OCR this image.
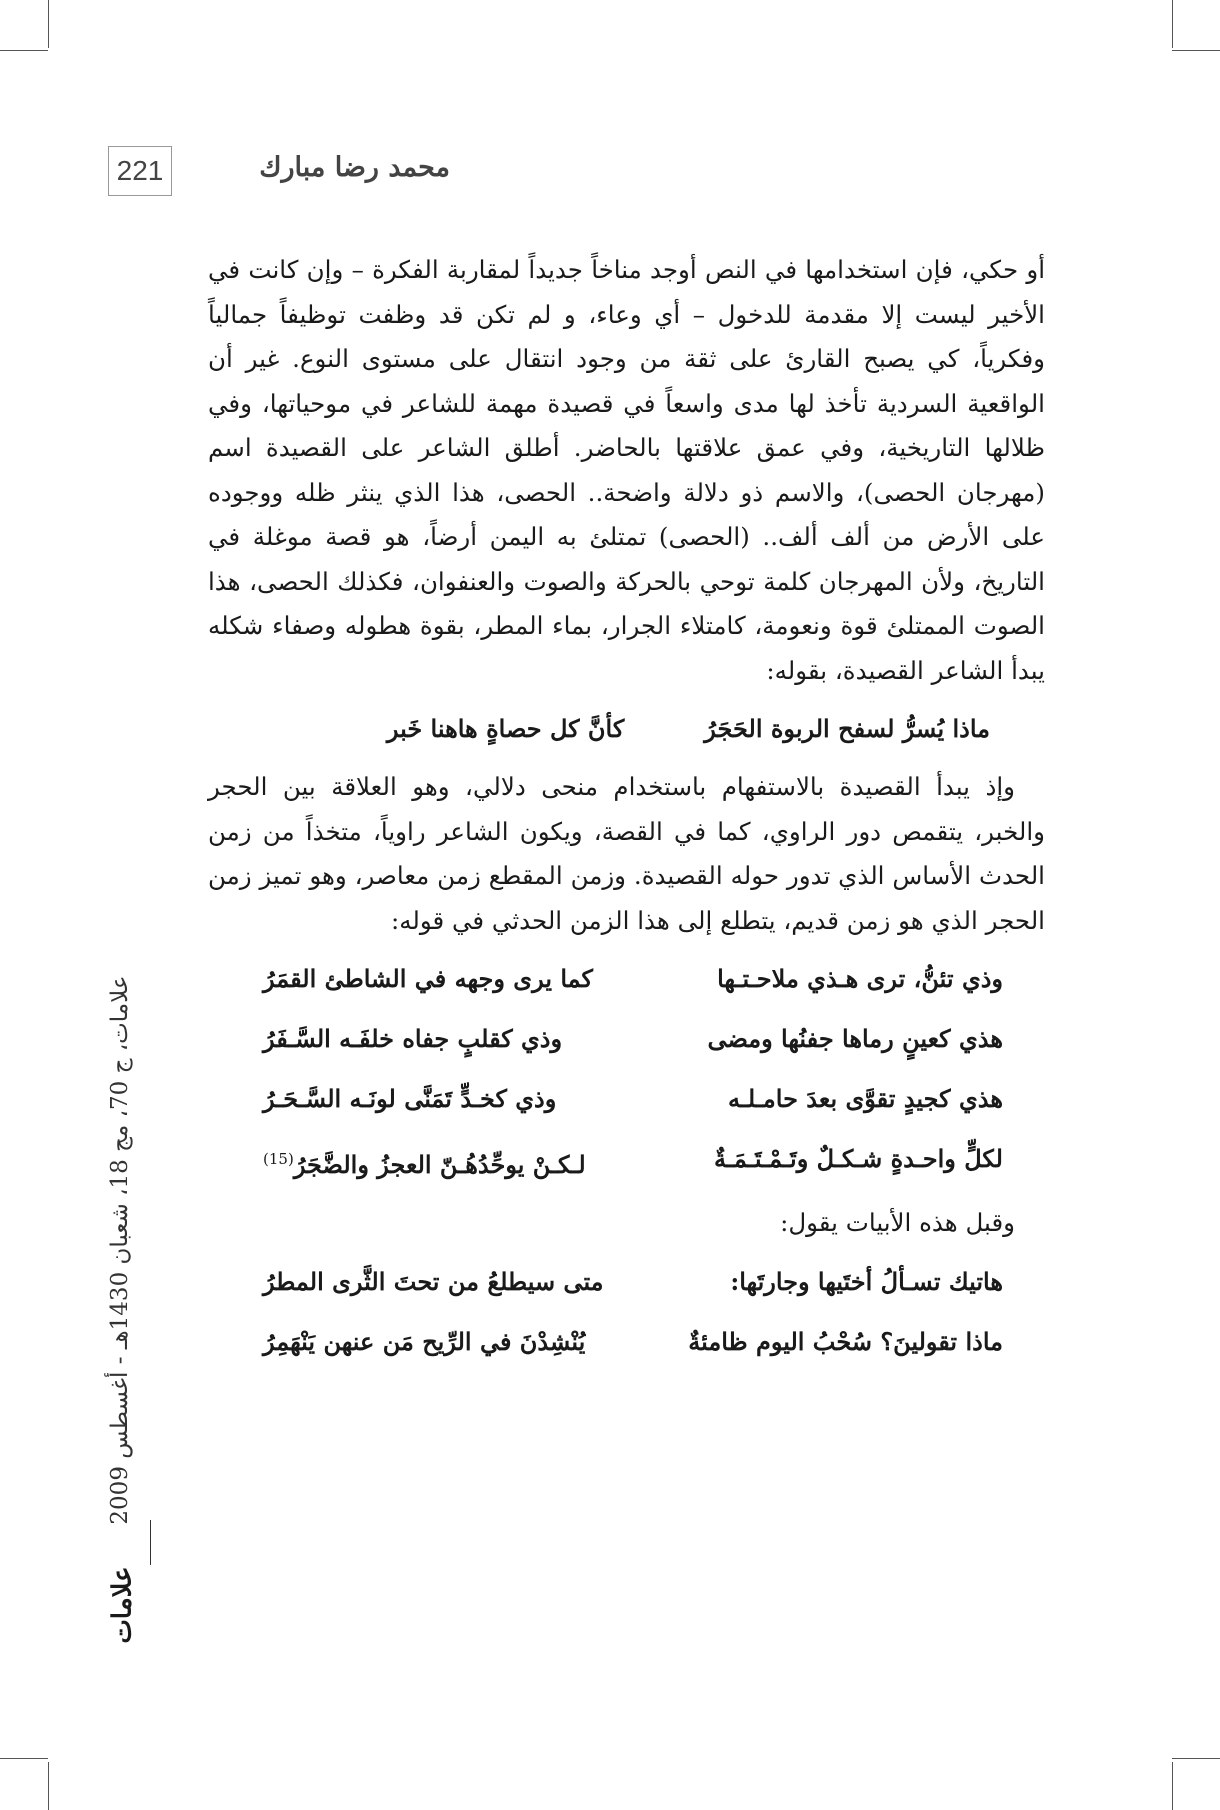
221	محمد رضا مبارك

أو حكي، فإن استخدامها في النص أوجد مناخاً جديداً لمقاربة الفكرة – وإن كانت في الأخير ليست إلا مقدمة للدخول – أي وعاء، و لم تكن قد وظفت توظيفاً جمالياً وفكرياً، كي يصبح القارئ على ثقة من وجود انتقال على مستوى النوع. غير أن الواقعية السردية تأخذ لها مدى واسعاً في قصيدة مهمة للشاعر في موحياتها، وفي ظلالها التاريخية، وفي عمق علاقتها بالحاضر. أطلق الشاعر على القصيدة اسم (مهرجان الحصى)، والاسم ذو دلالة واضحة.. الحصى، هذا الذي ينثر ظله ووجوده على الأرض من ألف ألف.. (الحصى) تمتلئ به اليمن أرضاً، هو قصة موغلة في التاريخ، ولأن المهرجان كلمة توحي بالحركة والصوت والعنفوان، فكذلك الحصى، هذا الصوت الممتلئ قوة ونعومة، كامتلاء الجرار، بماء المطر، بقوة هطوله وصفاء شكله يبدأ الشاعر القصيدة، بقوله:

ماذا يُسرُّ لسفح الربوة الحَجَرُ
كأنَّ كل حصاةٍ هاهنا خَبر

وإذ يبدأ القصيدة بالاستفهام باستخدام منحى دلالي، وهو العلاقة بين الحجر والخبر، يتقمص دور الراوي، كما في القصة، ويكون الشاعر راوياً، متخذاً من زمن الحدث الأساس الذي تدور حوله القصيدة. وزمن المقطع زمن معاصر، وهو تميز زمن الحجر الذي هو زمن قديم، يتطلع إلى هذا الزمن الحدثي في قوله:

وذي تئنُّ، ترى هـذي ملاحـتـها
كما يرى وجهه في الشاطئ القمَرُ
هذي كعينٍ رماها جفنُها ومضى
وذي كقلبٍ جفاه خلفَـه السَّـفَرُ
هذي كجيدٍ تقوَّى بعدَ حامـلـه
وذي كخـدٍّ تَمَنَّى لونَـه السَّـحَـرُ
لكلٍّ واحـدةٍ شـكـلٌ وتَـمْـتَـمَـةٌ
لـكـنْ يوحِّدُهُـنّ العجزُ والضَّجَرُ$^{(15)}$

وقبل هذه الأبيات يقول:

هاتيك تسـألُ أختَيها وجارتَها:
متى سيطلعُ من تحتَ الثَّرى المطرُ
ماذا تقولينَ؟ سُحْبُ اليوم ظامئةٌ
يُنْشِدْنَ في الرِّيح مَن عنهن يَنْهَمِرُ
علامات، ج 70، مج 18، شعبان 1430هـ - أغسطس 2009
علامات
